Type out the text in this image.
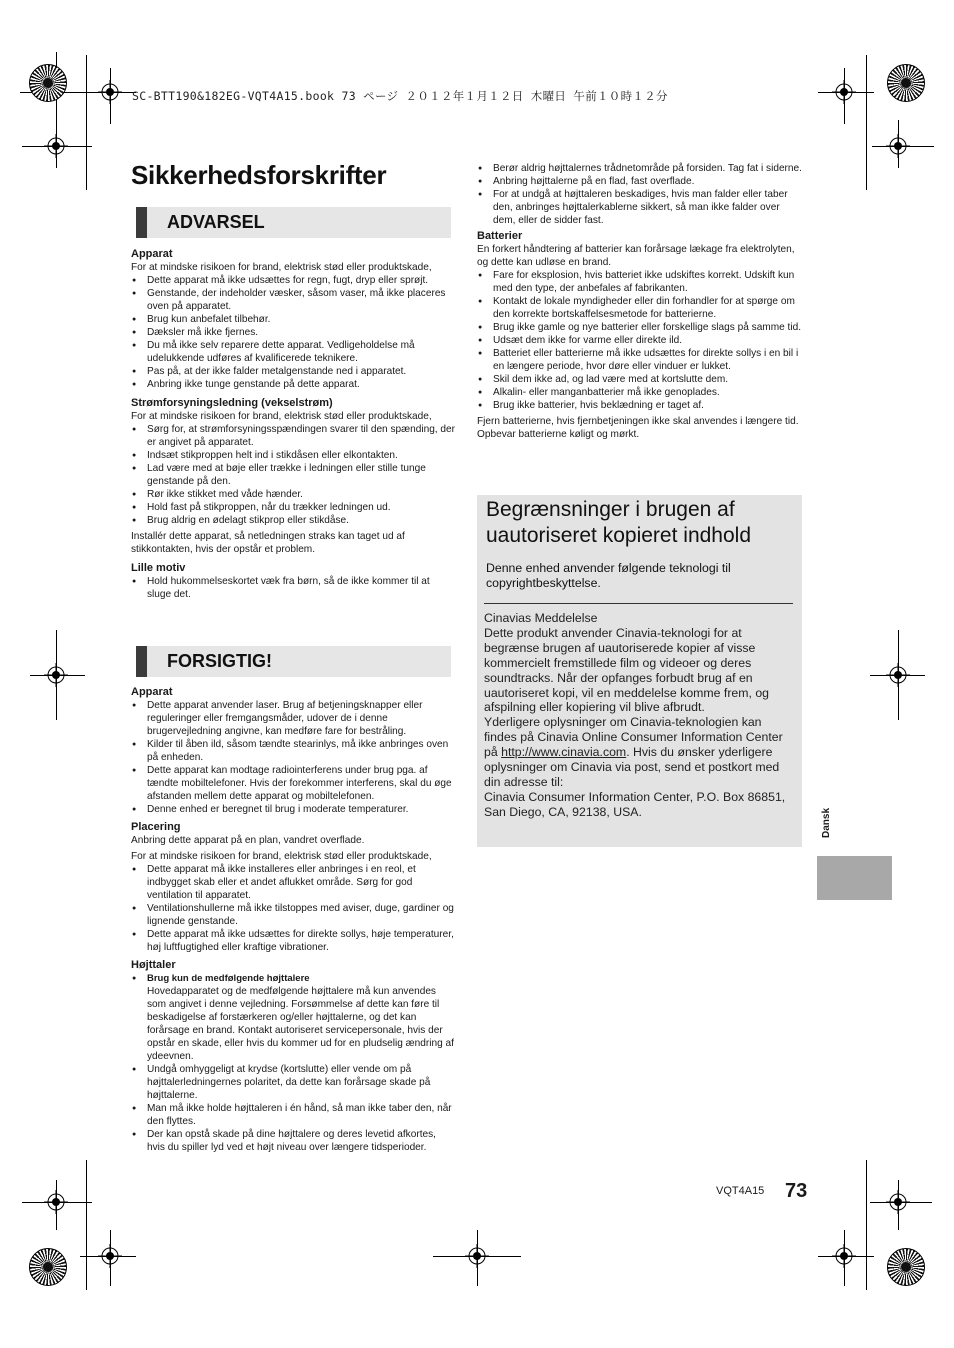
SC-BTT190&182EG-VQT4A15.book 73 ページ ２０１２年１月１２日 木曜日 午前１０時１２分
Sikkerhedsforskrifter
ADVARSEL
Apparat

For at mindske risikoen for brand, elektrisk stød eller produktskade,

● Dette apparat må ikke udsættes for regn, fugt, dryp eller sprøjt.
● Genstande, der indeholder væsker, såsom vaser, må ikke placeres oven på apparatet.
● Brug kun anbefalet tilbehør.
● Dæksler må ikke fjernes.
● Du må ikke selv reparere dette apparat. Vedligeholdelse må udelukkende udføres af kvalificerede teknikere.
● Pas på, at der ikke falder metalgenstande ned i apparatet.
● Anbring ikke tunge genstande på dette apparat.
Strømforsyningsledning (vekselstrøm)

For at mindske risikoen for brand, elektrisk stød eller produktskade,

● Sørg for, at strømforsyningsspændingen svarer til den spænding, der er angivet på apparatet.
● Indsæt stikproppen helt ind i stikdåsen eller elkontakten.
● Lad være med at bøje eller trække i ledningen eller stille tunge genstande på den.
● Rør ikke stikket med våde hænder.
● Hold fast på stikproppen, når du trækker ledningen ud.
● Brug aldrig en ødelagt stikprop eller stikdåse.

Installér dette apparat, så netledningen straks kan taget ud af stikkontakten, hvis der opstår et problem.

Lille motiv
● Hold hukommelseskortet væk fra børn, så de ikke kommer til at sluge det.
FORSIGTIG!
Apparat
● Dette apparat anvender laser. Brug af betjeningsknapper eller reguleringer eller fremgangsmåder, udover de i denne brugervejledning angivne, kan medføre fare for bestråling.
● Kilder til åben ild, såsom tændte stearinlys, må ikke anbringes oven på enheden.
● Dette apparat kan modtage radiointerferens under brug pga. af tændte mobiltelefoner. Hvis der forekommer interferens, skal du øge afstanden mellem dette apparat og mobiltelefonen.
● Denne enhed er beregnet til brug i moderate temperaturer.
Placering

Anbring dette apparat på en plan, vandret overflade.

For at mindske risikoen for brand, elektrisk stød eller produktskade,

● Dette apparat må ikke installeres eller anbringes i en reol, et indbygget skab eller et andet aflukket område. Sørg for god ventilation til apparatet.
● Ventilationshullerne må ikke tilstoppes med aviser, duge, gardiner og lignende genstande.
● Dette apparat må ikke udsættes for direkte sollys, høje temperaturer, høj luftfugtighed eller kraftige vibrationer.
Højttaler
● Brug kun de medfølgende højttalere
Hovedapparatet og de medfølgende højttalere må kun anvendes som angivet i denne vejledning. Forsømmelse af dette kan føre til beskadigelse af forstærkeren og/eller højttalerne, og det kan forårsage en brand. Kontakt autoriseret servicepersonale, hvis der opstår en skade, eller hvis du kommer ud for en pludselig ændring af ydeevnen.
● Undgå omhyggeligt at krydse (kortslutte) eller vende om på højttalerledningernes polaritet, da dette kan forårsage skade på højttalerne.
● Man må ikke holde højttaleren i én hånd, så man ikke taber den, når den flyttes.
● Der kan opstå skade på dine højttalere og deres levetid afkortes, hvis du spiller lyd ved et højt niveau over længere tidsperioder.
● Berør aldrig højttalernes trådnetområde på forsiden. Tag fat i siderne.
● Anbring højttalerne på en flad, fast overflade.
● For at undgå at højttaleren beskadiges, hvis man falder eller taber den, anbringes højttalerkablerne sikkert, så man ikke falder over dem, eller de sidder fast.
Batterier

En forkert håndtering af batterier kan forårsage lækage fra elektrolyten, og dette kan udløse en brand.

● Fare for eksplosion, hvis batteriet ikke udskiftes korrekt. Udskift kun med den type, der anbefales af fabrikanten.
● Kontakt de lokale myndigheder eller din forhandler for at spørge om den korrekte bortskaffelsesmetode for batterierne.
● Brug ikke gamle og nye batterier eller forskellige slags på samme tid.
● Udsæt dem ikke for varme eller direkte ild.
● Batteriet eller batterierne må ikke udsættes for direkte sollys i en bil i en længere periode, hvor døre eller vinduer er lukket.
● Skil dem ikke ad, og lad være med at kortslutte dem.
● Alkalin- eller manganbatterier må ikke genoplades.
● Brug ikke batterier, hvis beklædning er taget af.

Fjern batterierne, hvis fjernbetjeningen ikke skal anvendes i længere tid. Opbevar batterierne køligt og mørkt.

Begrænsninger i brugen af uautoriseret kopieret indhold
Denne enhed anvender følgende teknologi til copyrightbeskyttelse.

Cinavias Meddelelse

Dette produkt anvender Cinavia-teknologi for at begrænse brugen af uautoriserede kopier af visse kommercielt fremstillede film og videoer og deres soundtracks. Når der opfanges forbudt brug af en uautoriseret kopi, vil en meddelelse komme frem, og afspilning eller kopiering vil blive afbrudt.

Yderligere oplysninger om Cinavia-teknologien kan findes på Cinavia Online Consumer Information Center på http://www.cinavia.com. Hvis du ønsker yderligere oplysninger om Cinavia via post, send et postkort med din adresse til:

Cinavia Consumer Information Center, P.O. Box 86851, San Diego, CA, 92138, USA.	Dansk
VQT4A15 73
